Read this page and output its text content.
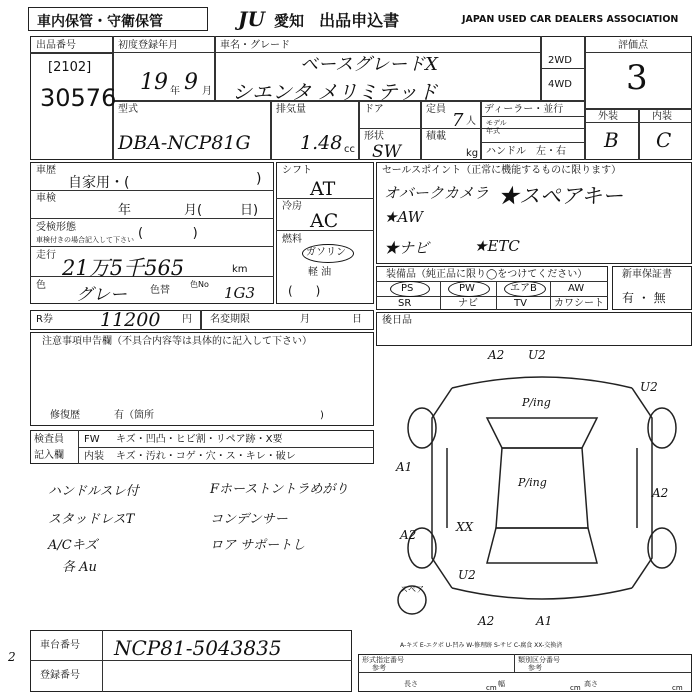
車内保管・守衛保管	JU 愛知 出品申込書	JAPAN USED CAR DEALERS ASSOCIATION
出品番号
[2102]
30576
初度登録年月
19 年 9 月
車名・グレード
ベースグレードX
シエンタ メリミテッド
2WD
4WD
評価点
3
型式
DBA-NCP81G
排気量
1.48 cc
ドア	定員
7 人
形状
SW
積載
kg
ディーラー・並行
モデル
年式
ハンドル 左・右
外装	内装
B C
車歴
自家用・(	)
車検
年	月(	日)
受検形態
車検付きの場合記入して下さい (            )
走行
21万5千565	km
色 グレー 色替
色No 1G3
シフト
AT
冷房
AC
燃料
ガソリン
軽 油
(      )
セールスポイント（正常に機能するものに限ります）
オバークカメラ ★スペアキー
★AW
★ナビ	★ETC
装備品（純正品に限り◯をつけてください）
PS	PW	エアB	AW
SR	ナビ	TV	カワシート
新車保証書
有 ・ 無
R券 11200 円 名変期限	月	日 後日品
注意事項申告欄（不具合内容等は具体的に記入して下さい）
修復歴	有（箇所	)
検査員
記入欄
FW キズ・凹凸・ヒビ割・リペア跡・X要
内装 キズ・汚れ・コゲ・穴・ス・キレ・破レ
ハンドルスレ付	Fホーストントラめがり
スタッドレスT	コンデンサー
A/Cキズ	ロア サポートし
各 Au
A2 U2
P/ing
U2
P/ing
A1
A2
XX
A2
U2
A2	A1
スペア
A-キズ E-エクボ U-凹み W-修理跡 S-サビ C-腐食 XX-交換済
車台番号 NCP81-5043835
登録番号
2	形式指定番号
参考
類別区分番号
参考
長さ	cm 幅	cm 高さ	cm
